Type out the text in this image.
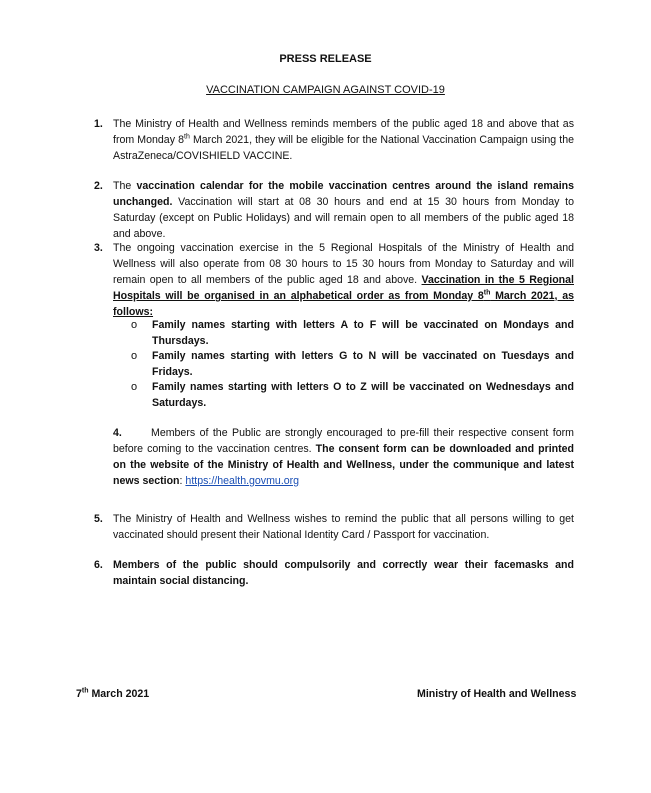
PRESS RELEASE
VACCINATION CAMPAIGN AGAINST COVID-19
1. The Ministry of Health and Wellness reminds members of the public aged 18 and above that as from Monday 8th March 2021, they will be eligible for the National Vaccination Campaign using the AstraZeneca/COVISHIELD VACCINE.
2. The vaccination calendar for the mobile vaccination centres around the island remains unchanged. Vaccination will start at 08 30 hours and end at 15 30 hours from Monday to Saturday (except on Public Holidays) and will remain open to all members of the public aged 18 and above.
3. The ongoing vaccination exercise in the 5 Regional Hospitals of the Ministry of Health and Wellness will also operate from 08 30 hours to 15 30 hours from Monday to Saturday and will remain open to all members of the public aged 18 and above. Vaccination in the 5 Regional Hospitals will be organised in an alphabetical order as from Monday 8th March 2021, as follows:
o Family names starting with letters A to F will be vaccinated on Mondays and Thursdays.
o Family names starting with letters G to N will be vaccinated on Tuesdays and Fridays.
o Family names starting with letters O to Z will be vaccinated on Wednesdays and Saturdays.
4.	Members of the Public are strongly encouraged to pre-fill their respective consent form before coming to the vaccination centres. The consent form can be downloaded and printed on the website of the Ministry of Health and Wellness, under the communique and latest news section: https://health.govmu.org
5. The Ministry of Health and Wellness wishes to remind the public that all persons willing to get vaccinated should present their National Identity Card / Passport for vaccination.
6. Members of the public should compulsorily and correctly wear their facemasks and maintain social distancing.
7th March 2021	Ministry of Health and Wellness
